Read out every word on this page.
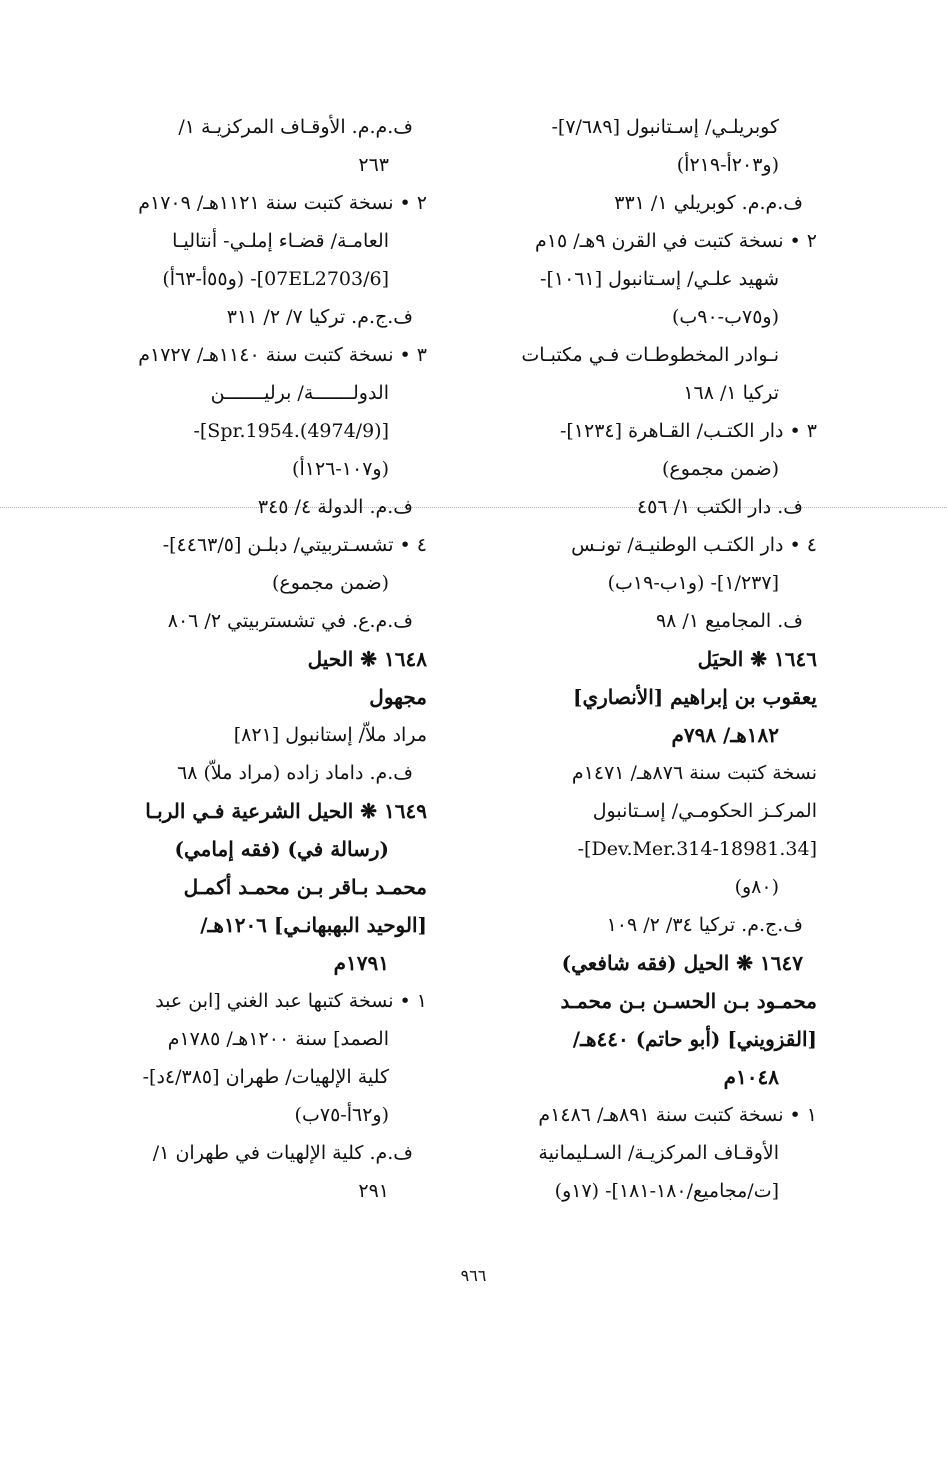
كوبريلـي/ إسـتانبول [٧/٦٨٩]-
(و٢٠٣أ-٢١٩أ)
ف.م.م. كوبريلي ١/ ٣٣١
٢ • نسخة كتبت في القرن ٩هـ/ ١٥م
شهيد علـي/ إسـتانبول [١٠٦١]-
(و٧٥ب-٩٠ب)
نـوادر المخطوطـات فـي مكتبـات
تركيا ١/ ١٦٨
٣ • دار الكتـب/ القـاهرة [١٢٣٤]-
(ضمن مجموع)
ف. دار الكتب ١/ ٤٥٦
٤ • دار الكتـب الوطنيـة/ تونـس
[١/٢٣٧]- (و١ب-١٩ب)
ف. المجاميع ١/ ٩٨
١٦٤٦ ❋ الحيَل
يعقوب بن إبراهيم [الأنصاري]
١٨٢هـ/ ٧٩٨م
نسخة كتبت سنة ٨٧٦هـ/ ١٤٧١م
المركـز الحكومـي/ إسـتانبول
[34.Dev.Mer.314-18981]-
(٨٠و)
ف.ج.م. تركيا ٣٤/ ٢/ ١٠٩
١٦٤٧ ❋ الحيل (فقه شافعي)
محمـود بـن الحسـن بـن محمـد
[القزويني] (أبو حاتم) ٤٤٠هـ/
١٠٤٨م
١ • نسخة كتبت سنة ٨٩١هـ/ ١٤٨٦م
الأوقـاف المركزيـة/ السـليمانية
[ت/مجاميع/١٨٠-١٨١]- (١٧و)
ف.م.م. الأوقـاف المركزيـة ١/
٢٦٣
٢ • نسخة كتبت سنة ١١٢١هـ/ ١٧٠٩م
العامـة/ قضـاء إملـي- أنتاليـا
[07EL2703/6]- (و٥٥أ-٦٣أ)
ف.ج.م. تركيا ٧/ ٢/ ٣١١
٣ • نسخة كتبت سنة ١١٤٠هـ/ ١٧٢٧م
الدولـــــــة/ برليـــــــن
[Spr.1954.(4974/9)]-
(و١٠٧-١٢٦أ)
ف.م. الدولة ٤/ ٣٤٥
٤ • تشسـتربيتي/ دبلـن [٤٤٦٣/٥]-
(ضمن مجموع)
ف.م.ع. في تشستربيتي ٢/ ٨٠٦
١٦٤٨ ❋ الحيل
مجهول
مراد ملاّ/ إستانبول [٨٢١]
ف.م. داماد زاده (مراد ملاّ) ٦٨
١٦٤٩ ❋ الحيل الشرعية فـي الربـا
(رسالة في) (فقه إمامي)
محمـد بـاقر بـن محمـد أكمـل
[الوحيد البهبهانـي] ١٢٠٦هـ/
١٧٩١م
١ • نسخة كتبها عبد الغني [ابن عبد
الصمد] سنة ١٢٠٠هـ/ ١٧٨٥م
كلية الإلهيات/ طهران [٤/٣٨٥د]-
(و٦٢أ-٧٥ب)
ف.م. كلية الإلهيات في طهران ١/
٢٩١
٩٦٦
